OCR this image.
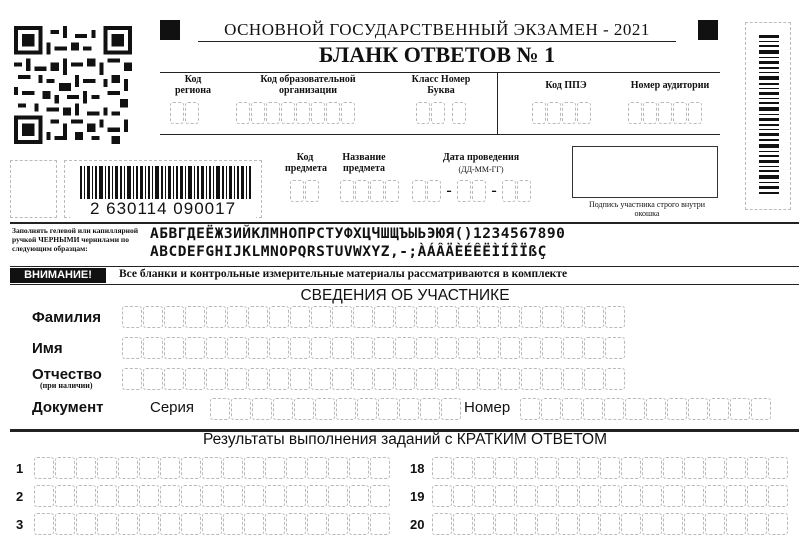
ОСНОВНОЙ ГОСУДАРСТВЕННЫЙ ЭКЗАМЕН - 2021
БЛАНК ОТВЕТОВ № 1
Код региона
Код образовательной организации
Класс Номер Буква	Код ППЭ	Номер аудитории
2 630114 090017
Код предмета
Название предмета
Дата проведения
(ДД-ММ-ГГ)
- -
Подпись участника строго внутри окошка
Заполнять гелевой или капиллярной ручкой ЧЕРНЫМИ чернилами по следующим образцам:
АБВГДЕЁЖЗИЙКЛМНОПРСТУФХЦЧШЩЪЫЬЭЮЯ()1234567890
ABCDEFGHIJKLMNOPQRSTUVWXYZ,-;ÀÁÂÄÈÉÊËÌÍÎÏßÇ
ВНИМАНИЕ!	Все бланки и контрольные измерительные материалы рассматриваются в комплекте
СВЕДЕНИЯ ОБ УЧАСТНИКЕ
Фамилия
Имя
Отчество
(при наличии)
Документ	Серия	Номер
Результаты выполнения заданий с КРАТКИМ ОТВЕТОМ
1
2
3
18
19
20
